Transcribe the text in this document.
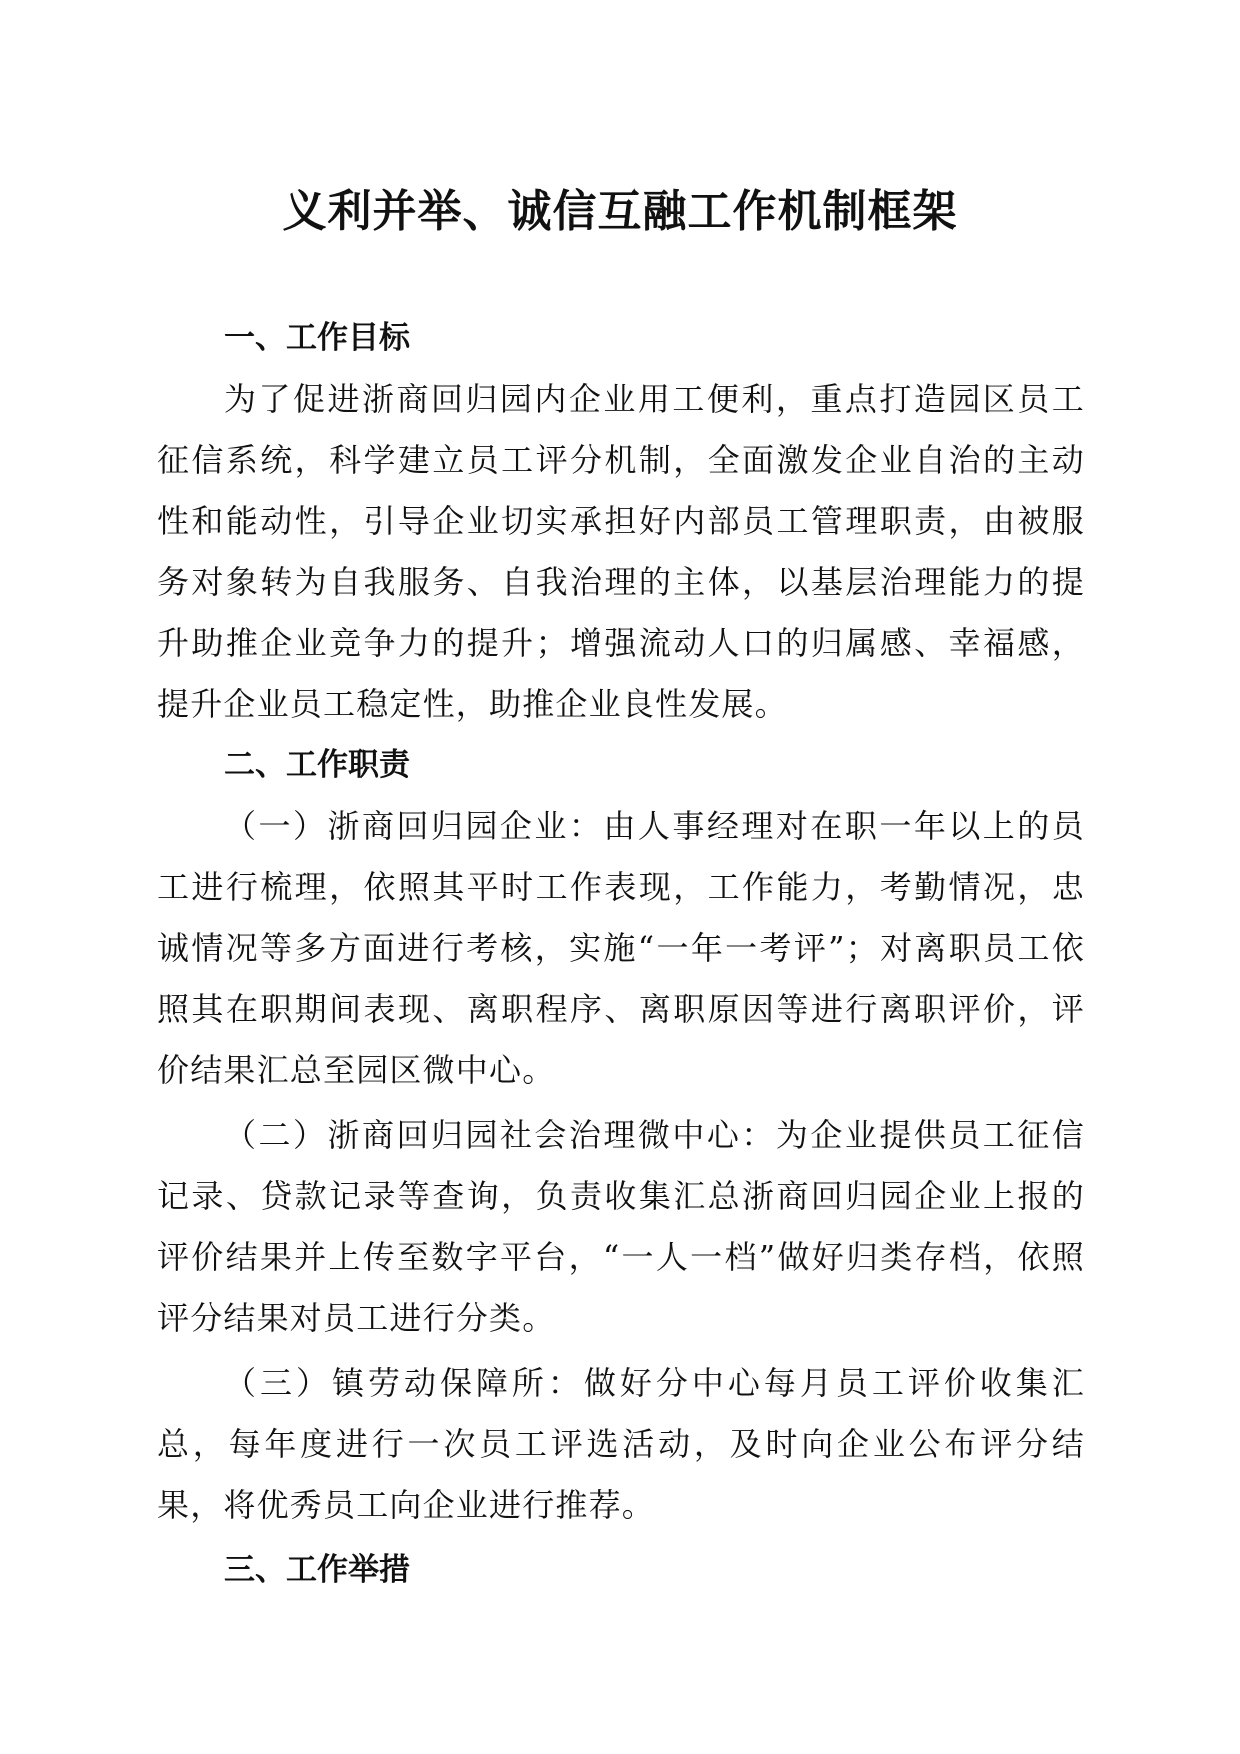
义利并举、诚信互融工作机制框架
一、工作目标

为了促进浙商回归园内企业用工便利，重点打造园区员工征信系统，科学建立员工评分机制，全面激发企业自治的主动性和能动性，引导企业切实承担好内部员工管理职责，由被服务对象转为自我服务、自我治理的主体，以基层治理能力的提升助推企业竞争力的提升；增强流动人口的归属感、幸福感，提升企业员工稳定性，助推企业良性发展。

二、工作职责

（一）浙商回归园企业：由人事经理对在职一年以上的员工进行梳理，依照其平时工作表现，工作能力，考勤情况，忠诚情况等多方面进行考核，实施“一年一考评”；对离职员工依照其在职期间表现、离职程序、离职原因等进行离职评价，评价结果汇总至园区微中心。

（二）浙商回归园社会治理微中心：为企业提供员工征信记录、贷款记录等查询，负责收集汇总浙商回归园企业上报的评价结果并上传至数字平台，“一人一档”做好归类存档，依照评分结果对员工进行分类。

（三）镇劳动保障所：做好分中心每月员工评价收集汇总，每年度进行一次员工评选活动，及时向企业公布评分结果，将优秀员工向企业进行推荐。

三、工作举措
